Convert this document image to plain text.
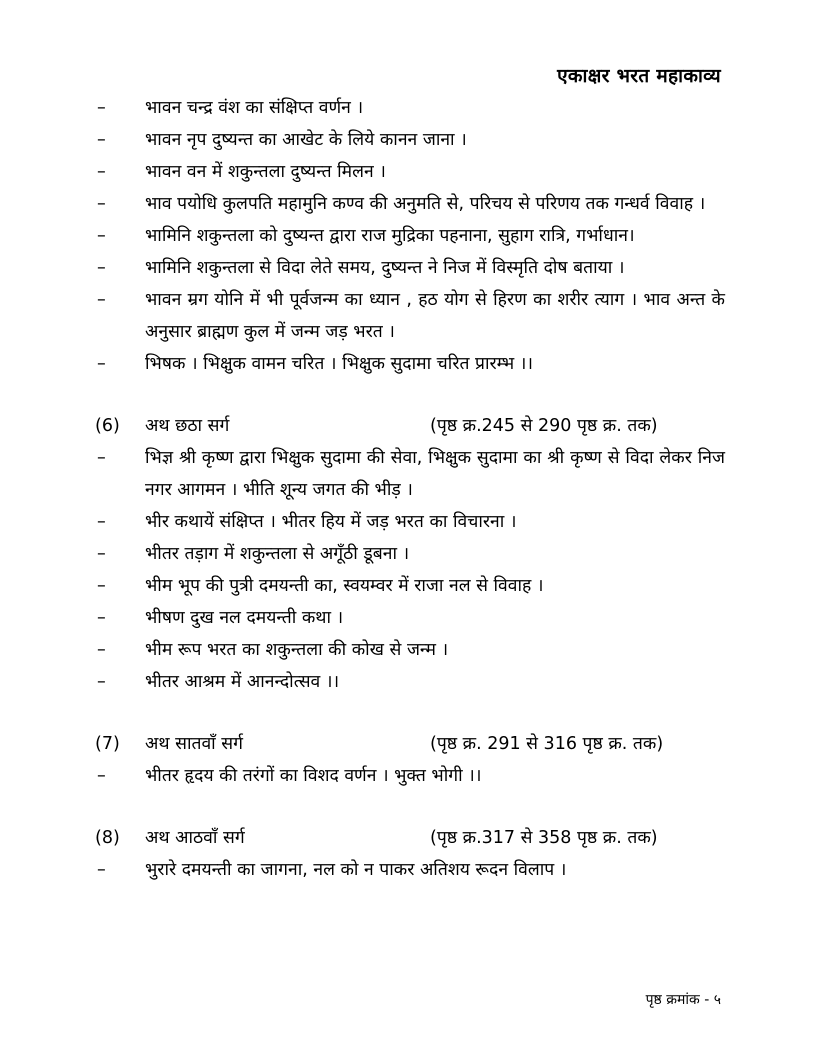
एकाक्षर भरत महाकाव्य
– भावन चन्द्र वंश का संक्षिप्त वर्णन ।
– भावन नृप दुष्यन्त का आखेट के लिये कानन जाना ।
– भावन वन में शकुन्तला दुष्यन्त मिलन ।
– भाव पयोधि कुलपति महामुनि कण्व की अनुमति से, परिचय से परिणय तक गन्धर्व विवाह ।
– भामिनि शकुन्तला को दुष्यन्त द्वारा राज मुद्रिका पहनाना, सुहाग रात्रि, गर्भाधान।
– भामिनि शकुन्तला से विदा लेते समय, दुष्यन्त ने निज में विस्मृति दोष बताया ।
– भावन म्रग योनि में भी पूर्वजन्म का ध्यान , हठ योग से हिरण का शरीर त्याग । भाव अन्त के अनुसार ब्राह्मण कुल में जन्म जड़ भरत ।
– भिषक । भिक्षुक वामन चरित । भिक्षुक सुदामा चरित प्रारम्भ ।।
(6) अथ छठा सर्ग	(पृष्ठ क्र.245 से 290 पृष्ठ क्र. तक)
– भिज्ञ श्री कृष्ण द्वारा भिक्षुक सुदामा की सेवा, भिक्षुक सुदामा का श्री कृष्ण से विदा लेकर निज नगर आगमन । भीति शून्य जगत की भीड़ ।
– भीर कथायें संक्षिप्त । भीतर हिय में जड़ भरत का विचारना ।
– भीतर तड़ाग में शकुन्तला से अगूँठी डूबना ।
– भीम भूप की पुत्री दमयन्ती का, स्वयम्वर में राजा नल से विवाह ।
– भीषण दुख नल दमयन्ती कथा ।
– भीम रूप भरत का शकुन्तला की कोख से जन्म ।
– भीतर आश्रम में आनन्दोत्सव ।।
(7) अथ सातवाँ सर्ग	(पृष्ठ क्र. 291 से 316 पृष्ठ क्र. तक)
– भीतर हृदय की तरंगों का विशद वर्णन । भुक्त भोगी ।।
(8) अथ आठवाँ सर्ग	(पृष्ठ क्र.317 से 358 पृष्ठ क्र. तक)
– भुरारे दमयन्ती का जागना, नल को न पाकर अतिशय रूदन विलाप ।
पृष्ठ क्रमांक - ५
